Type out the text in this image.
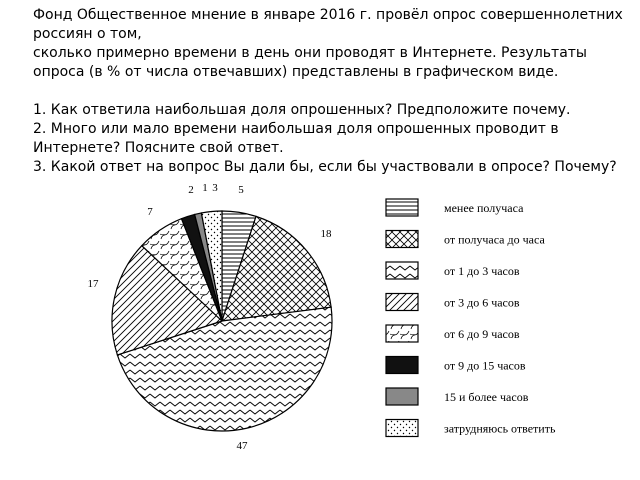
Фонд Общественное мнение в январе 2016 г. провёл опрос совершеннолетних россиян о том,

сколько примерно времени в день они проводят в Интернете. Результаты опроса (в % от числа отвечавших) представлены в графическом виде.

1. Как ответила наибольшая доля опрошенных? Предположите почему.

2. Много или мало времени наибольшая доля опрошенных проводит в Интернете? Поясните свой ответ.

3. Какой ответ на вопрос Вы дали бы, если бы участвовали в опросе? Почему?

5
18
47
17
7
2 1 3
менее получаса
от получаса до часа
от 1 до 3 часов
от 3 до 6 часов
от 6 до 9 часов
от 9 до 15 часов
15 и более часов
затрудняюсь ответить
